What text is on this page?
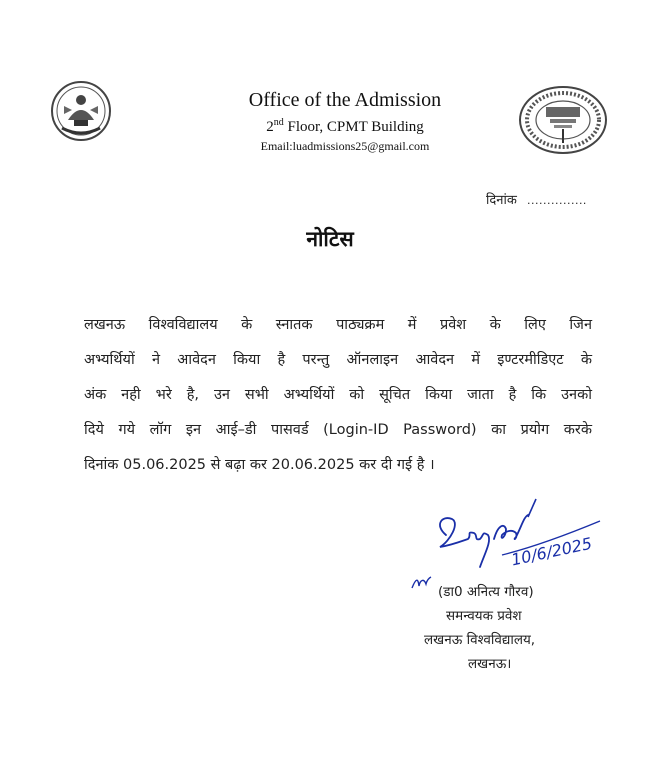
Office of the Admission
2nd Floor, CPMT Building
Email:luadmissions25@gmail.com
दिनांक ...............
नोटिस
लखनऊ विश्वविद्यालय के स्नातक पाठ्यक्रम में प्रवेश के लिए जिन
अभ्यर्थियों ने आवेदन किया है परन्तु ऑनलाइन आवेदन में इण्टरमीडिएट के
अंक नही भरे है, उन सभी अभ्यर्थियों को सूचित किया जाता है कि उनको
दिये गये लॉग इन आई–डी पासवर्ड (Login-ID Password) का प्रयोग करके
दिनांक 05.06.2025 से बढ़ा कर 20.06.2025 कर दी गई है ।
10/6/2025
(डा0 अनित्य गौरव)
समन्वयक प्रवेश
लखनऊ विश्वविद्यालय,
लखनऊ।
